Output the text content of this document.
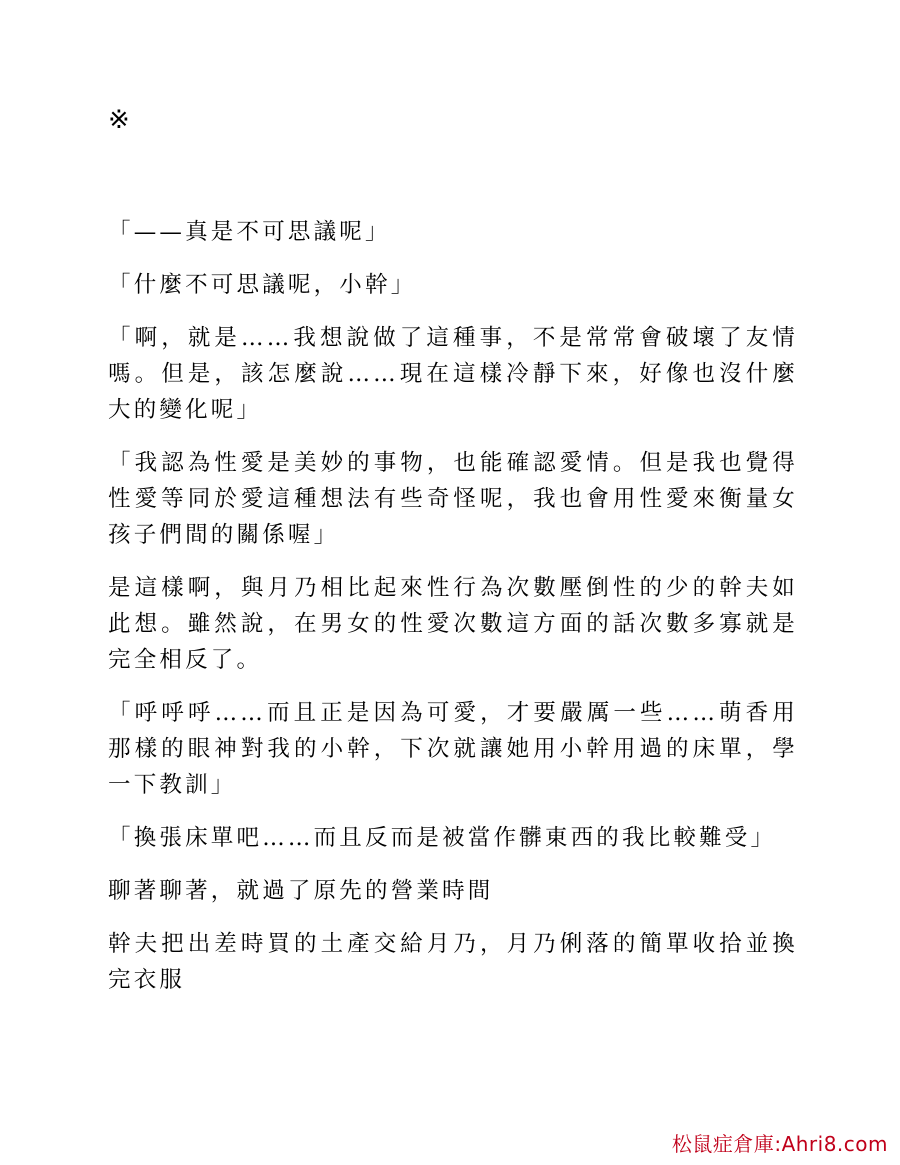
※

「——真是不可思議呢」

「什麼不可思議呢，小幹」

「啊，就是……我想說做了這種事，不是常常會破壞了友情嗎。但是，該怎麼說……現在這樣冷靜下來，好像也沒什麼大的變化呢」

「我認為性愛是美妙的事物，也能確認愛情。但是我也覺得性愛等同於愛這種想法有些奇怪呢，我也會用性愛來衡量女孩子們間的關係喔」

是這樣啊，與月乃相比起來性行為次數壓倒性的少的幹夫如此想。雖然說，在男女的性愛次數這方面的話次數多寡就是完全相反了。

「呼呼呼……而且正是因為可愛，才要嚴厲一些……萌香用那樣的眼神對我的小幹，下次就讓她用小幹用過的床單，學一下教訓」

「換張床單吧……而且反而是被當作髒東西的我比較難受」

聊著聊著，就過了原先的營業時間

幹夫把出差時買的土產交給月乃，月乃俐落的簡單收拾並換完衣服

松鼠症倉庫:Ahri8.com
